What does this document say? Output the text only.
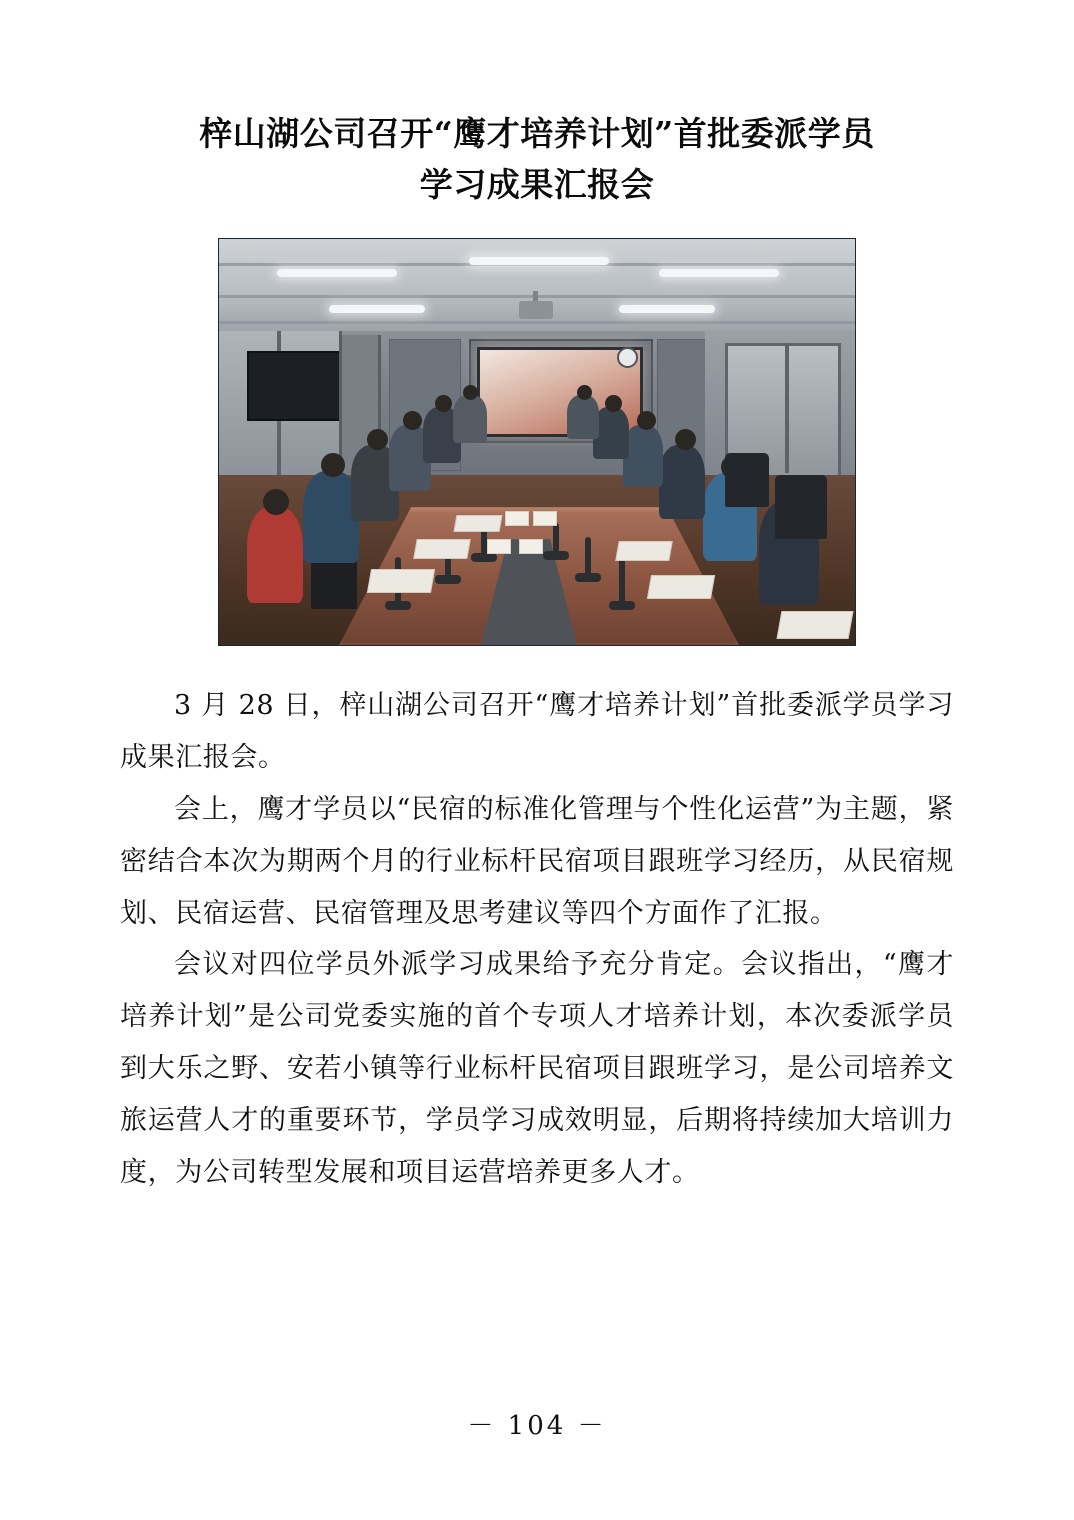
梓山湖公司召开“鹰才培养计划”首批委派学员
学习成果汇报会

3 月 28 日，梓山湖公司召开“鹰才培养计划”首批委派学员学习成果汇报会。

会上，鹰才学员以“民宿的标准化管理与个性化运营”为主题，紧密结合本次为期两个月的行业标杆民宿项目跟班学习经历，从民宿规划、民宿运营、民宿管理及思考建议等四个方面作了汇报。

会议对四位学员外派学习成果给予充分肯定。会议指出，“鹰才培养计划”是公司党委实施的首个专项人才培养计划，本次委派学员到大乐之野、安若小镇等行业标杆民宿项目跟班学习，是公司培养文旅运营人才的重要环节，学员学习成效明显，后期将持续加大培训力度，为公司转型发展和项目运营培养更多人才。

－ 104 －
